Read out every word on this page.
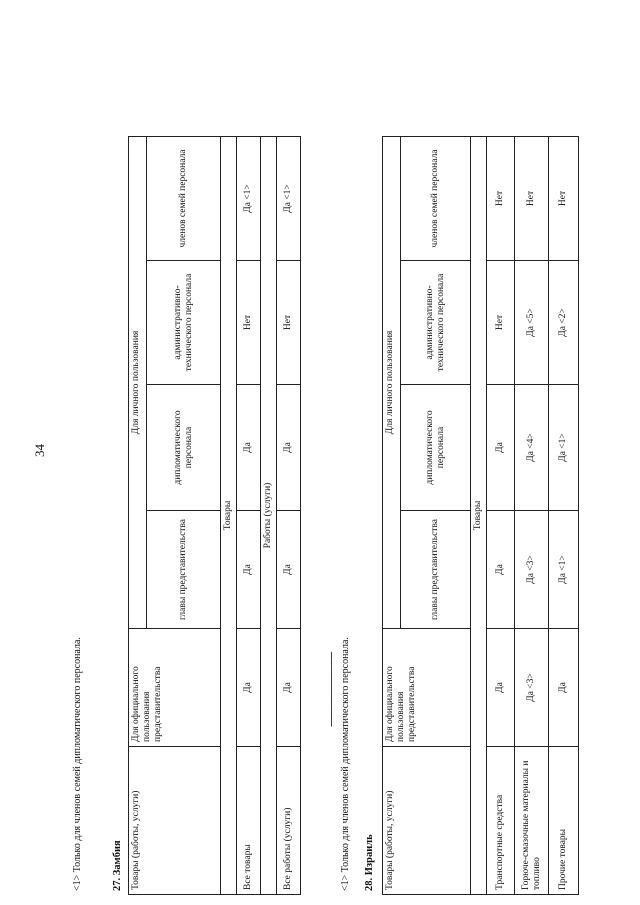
34
<1> Только для членов семей дипломатического персонала.	27. Замбия Товары (работы, услуги)	Для официального пользования представительства	Для личного пользования			
		главы представительства	дипломатического персонала	административно-технического персонала	членов семей персонала
Товары					
Все товары	Да	Да	Да	Нет	Да <1>
Работы (услуги)					
Все работы (услуги)	Да	Да	Да	Нет	Да <1>
-------------------------------- <1> Только для членов семей дипломатического персонала. 28. Израиль Товары (работы, услуги)	Для официального пользования представительства	Для личного пользования			
		главы представительства	дипломатического персонала	административно-технического персонала	членов семей персонала
Товары					
Транспортные средства	Да	Да	Да	Нет	Нет
Горюче-смазочные материалы и топливо	Да <3>	Да <3>	Да <4>	Да <5>	Нет
Прочие товары	Да	Да <1>	Да <1>	Да <2>	Нет
